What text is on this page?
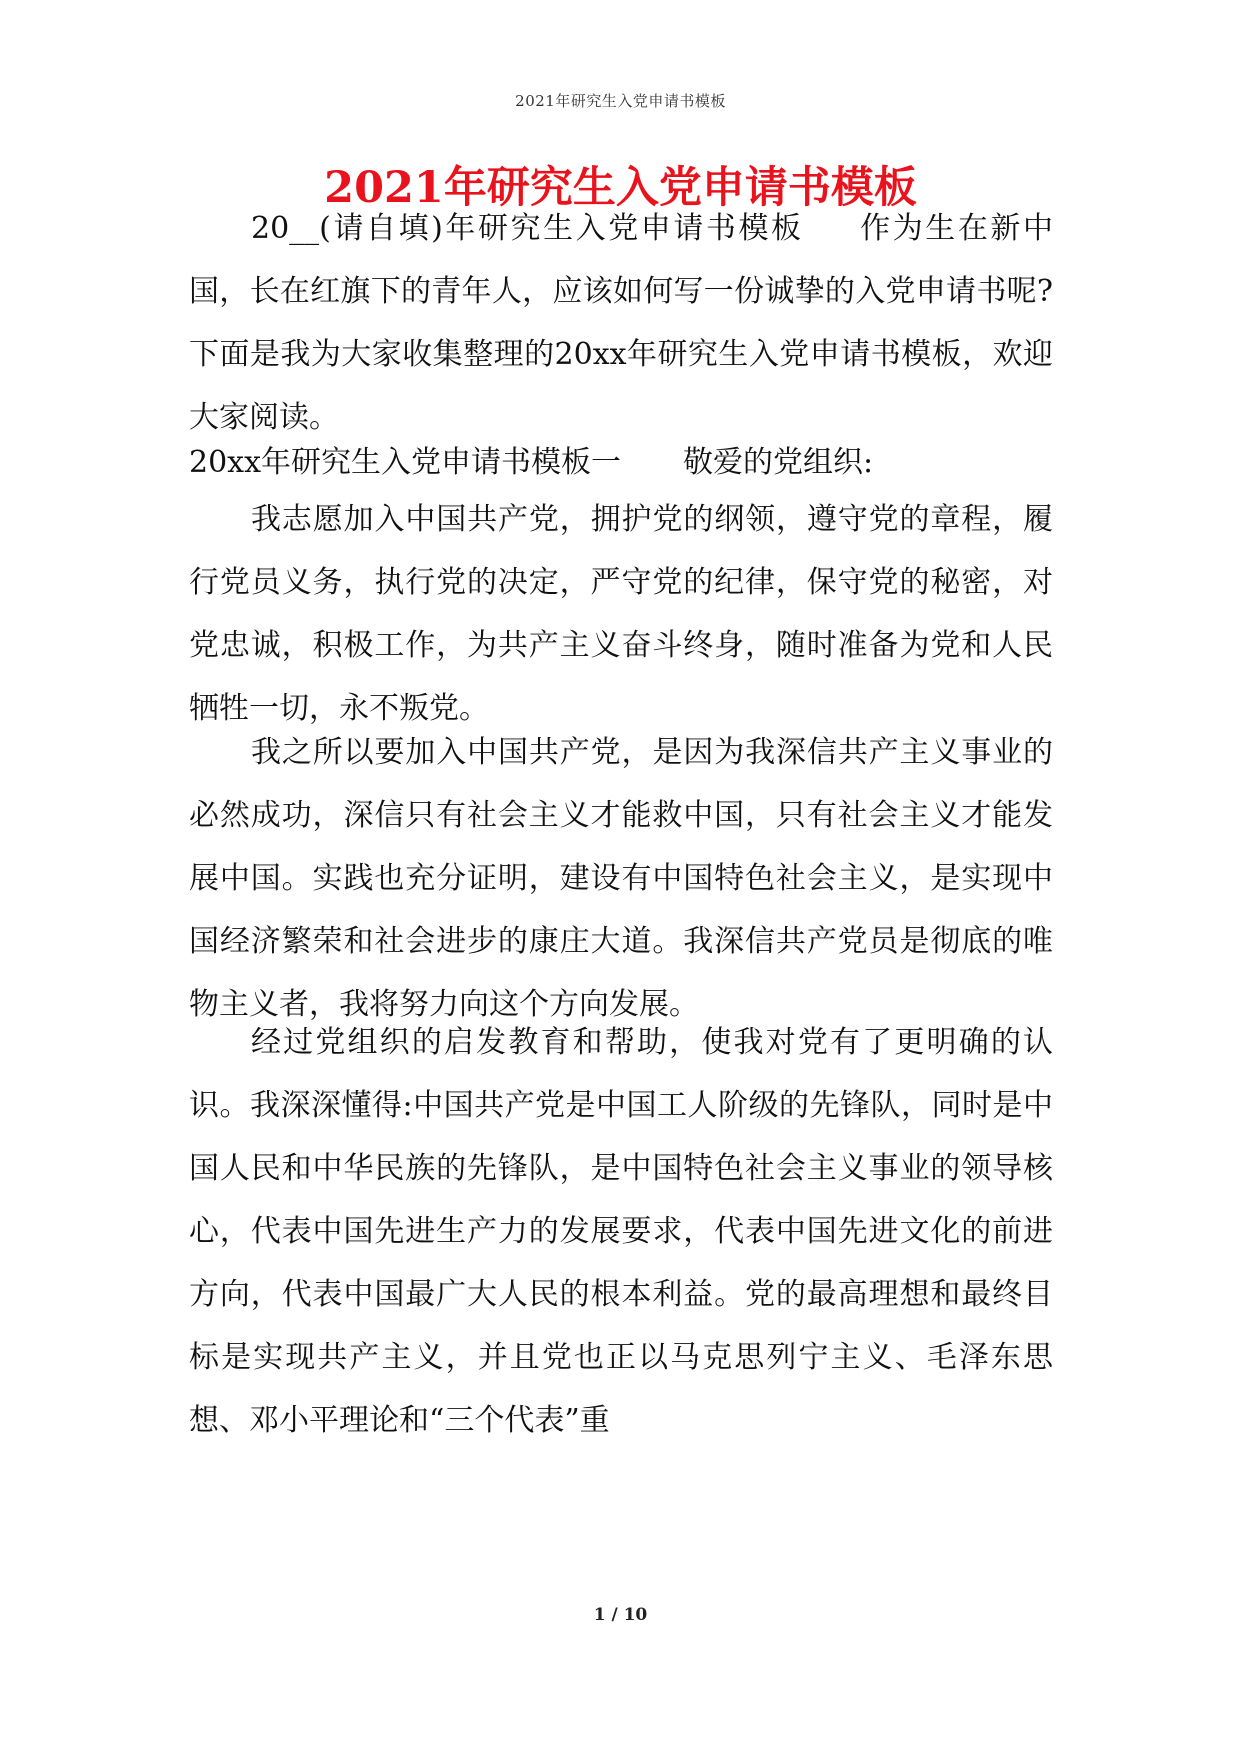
2021年研究生入党申请书模板
2021年研究生入党申请书模板

20__(请自填)年研究生入党申请书模板 作为生在新中国，长在红旗下的青年人，应该如何写一份诚挚的入党申请书呢?下面是我为大家收集整理的20xx年研究生入党申请书模板，欢迎大家阅读。

20xx年研究生入党申请书模板一 敬爱的党组织:

我志愿加入中国共产党，拥护党的纲领，遵守党的章程，履行党员义务，执行党的决定，严守党的纪律，保守党的秘密，对党忠诚，积极工作，为共产主义奋斗终身，随时准备为党和人民牺牲一切，永不叛党。

我之所以要加入中国共产党，是因为我深信共产主义事业的必然成功，深信只有社会主义才能救中国，只有社会主义才能发展中国。实践也充分证明，建设有中国特色社会主义，是实现中国经济繁荣和社会进步的康庄大道。我深信共产党员是彻底的唯物主义者，我将努力向这个方向发展。

经过党组织的启发教育和帮助，使我对党有了更明确的认识。我深深懂得:中国共产党是中国工人阶级的先锋队，同时是中国人民和中华民族的先锋队，是中国特色社会主义事业的领导核心，代表中国先进生产力的发展要求，代表中国先进文化的前进方向，代表中国最广大人民的根本利益。党的最高理想和最终目标是实现共产主义，并且党也正以马克思列宁主义、毛泽东思想、邓小平理论和“三个代表”重

1 / 10
